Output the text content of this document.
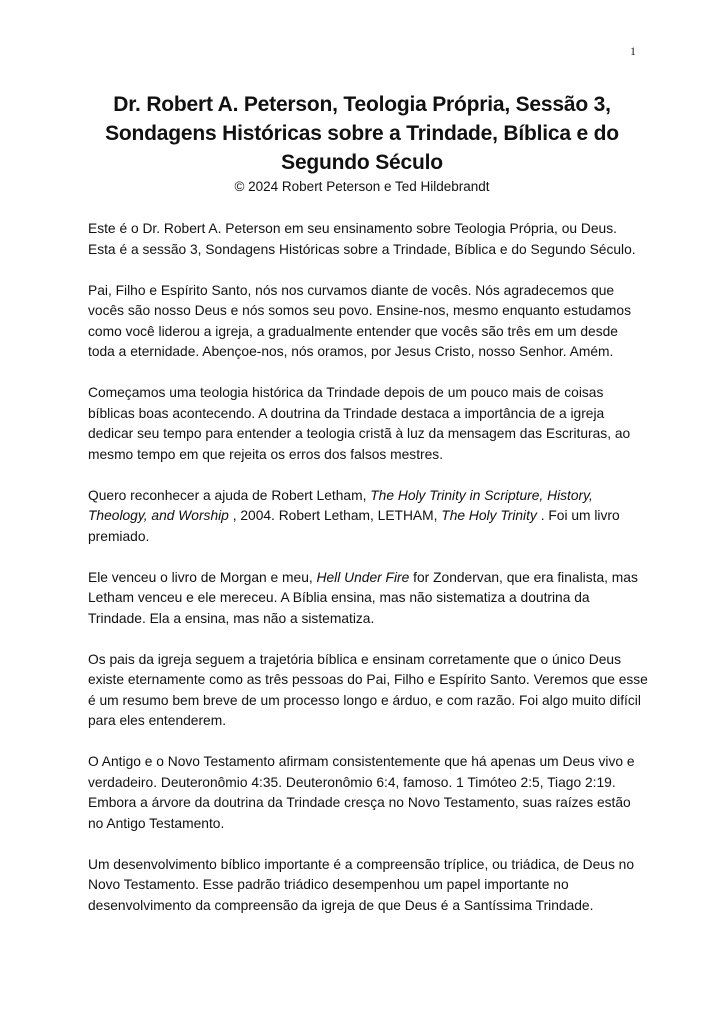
1
Dr. Robert A. Peterson, Teologia Própria, Sessão 3, Sondagens Históricas sobre a Trindade, Bíblica e do Segundo Século

© 2024 Robert Peterson e Ted Hildebrandt

Este é o Dr. Robert A. Peterson em seu ensinamento sobre Teologia Própria, ou Deus. Esta é a sessão 3, Sondagens Históricas sobre a Trindade, Bíblica e do Segundo Século.

Pai, Filho e Espírito Santo, nós nos curvamos diante de vocês. Nós agradecemos que vocês são nosso Deus e nós somos seu povo. Ensine-nos, mesmo enquanto estudamos como você liderou a igreja, a gradualmente entender que vocês são três em um desde toda a eternidade. Abençoe-nos, nós oramos, por Jesus Cristo, nosso Senhor. Amém.

Começamos uma teologia histórica da Trindade depois de um pouco mais de coisas bíblicas boas acontecendo. A doutrina da Trindade destaca a importância de a igreja dedicar seu tempo para entender a teologia cristã à luz da mensagem das Escrituras, ao mesmo tempo em que rejeita os erros dos falsos mestres.

Quero reconhecer a ajuda de Robert Letham, The Holy Trinity in Scripture, History, Theology, and Worship , 2004. Robert Letham, LETHAM, The Holy Trinity . Foi um livro premiado.

Ele venceu o livro de Morgan e meu, Hell Under Fire for Zondervan, que era finalista, mas Letham venceu e ele mereceu. A Bíblia ensina, mas não sistematiza a doutrina da Trindade. Ela a ensina, mas não a sistematiza.

Os pais da igreja seguem a trajetória bíblica e ensinam corretamente que o único Deus existe eternamente como as três pessoas do Pai, Filho e Espírito Santo. Veremos que esse é um resumo bem breve de um processo longo e árduo, e com razão. Foi algo muito difícil para eles entenderem.

O Antigo e o Novo Testamento afirmam consistentemente que há apenas um Deus vivo e verdadeiro. Deuteronômio 4:35. Deuteronômio 6:4, famoso. 1 Timóteo 2:5, Tiago 2:19. Embora a árvore da doutrina da Trindade cresça no Novo Testamento, suas raízes estão no Antigo Testamento.

Um desenvolvimento bíblico importante é a compreensão tríplice, ou triádica, de Deus no Novo Testamento. Esse padrão triádico desempenhou um papel importante no desenvolvimento da compreensão da igreja de que Deus é a Santíssima Trindade.
